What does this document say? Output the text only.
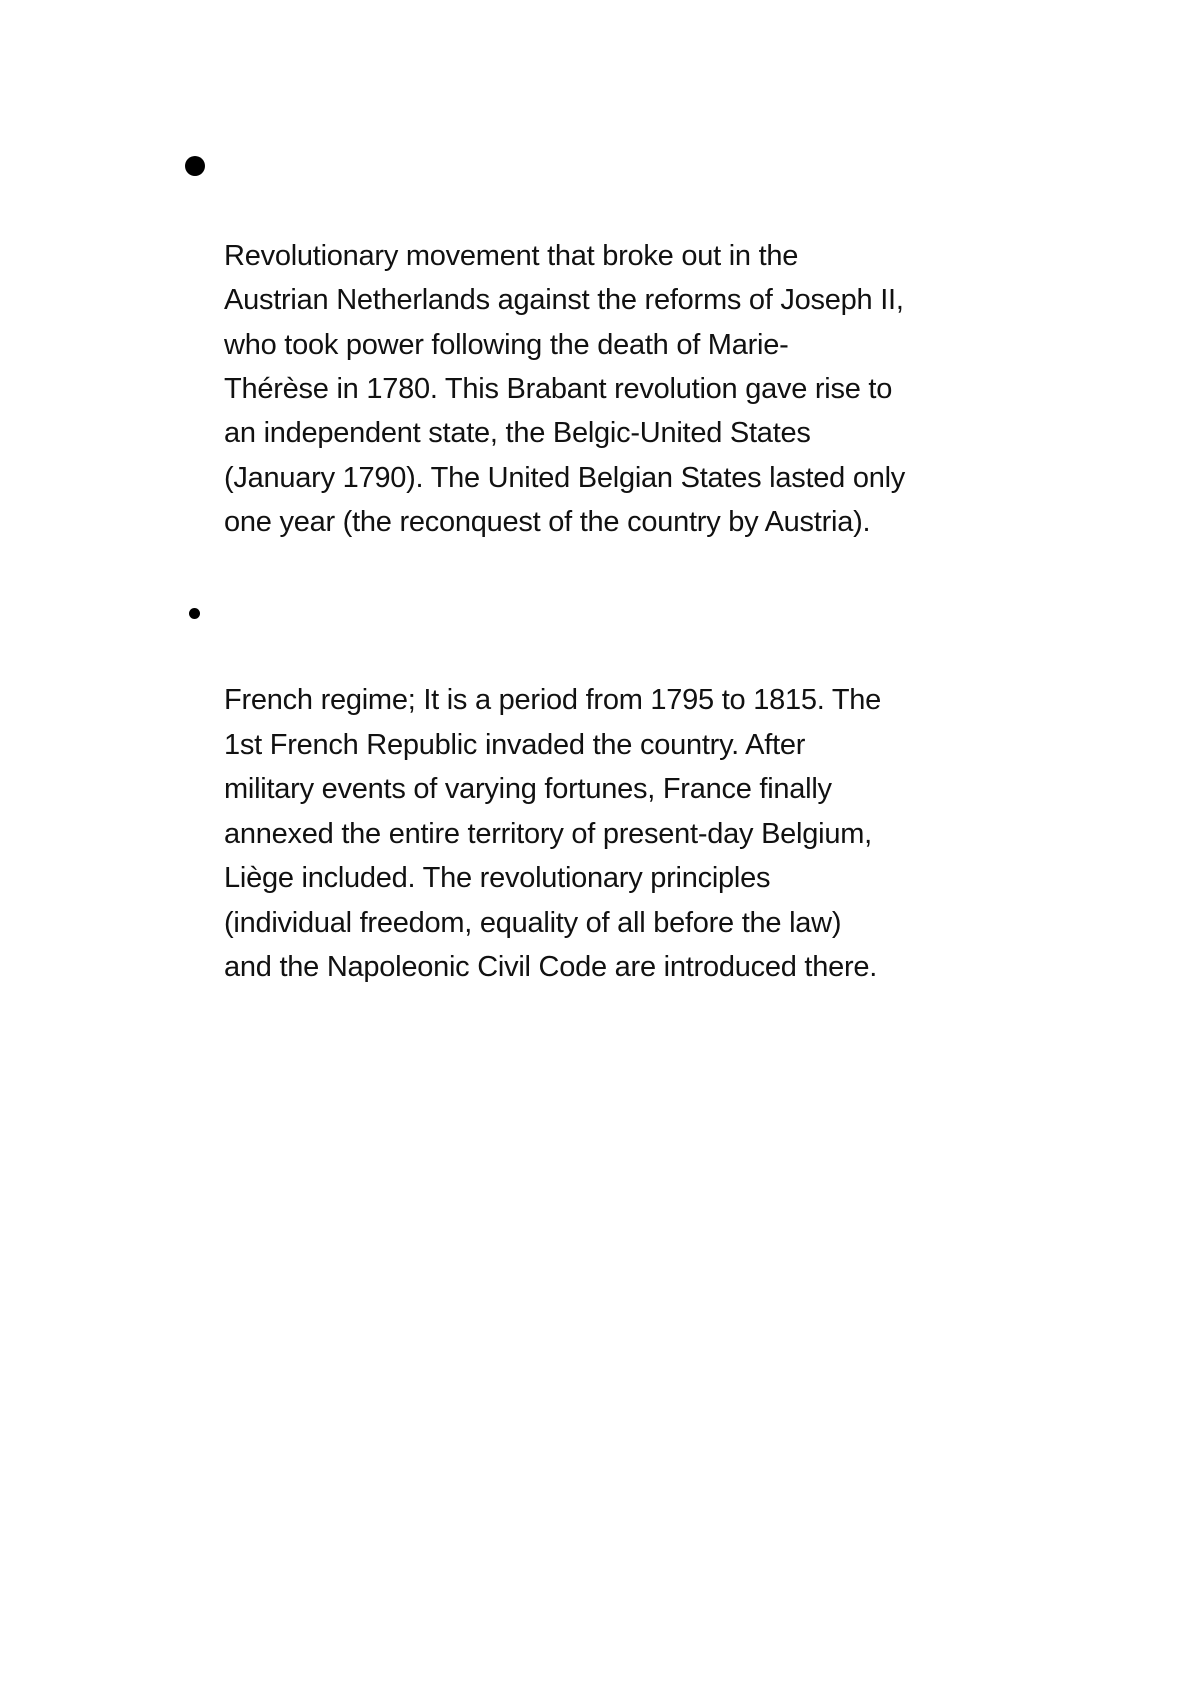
Revolutionary movement that broke out in the
Austrian Netherlands against the reforms of Joseph II,
who took power following the death of Marie-
Thérèse in 1780. This Brabant revolution gave rise to
an independent state, the Belgic-United States
(January 1790). The United Belgian States lasted only
one year (the reconquest of the country by Austria).

French regime; It is a period from 1795 to 1815. The
1st French Republic invaded the country. After
military events of varying fortunes, France finally
annexed the entire territory of present-day Belgium,
Liège included. The revolutionary principles
(individual freedom, equality of all before the law)
and the Napoleonic Civil Code are introduced there.
